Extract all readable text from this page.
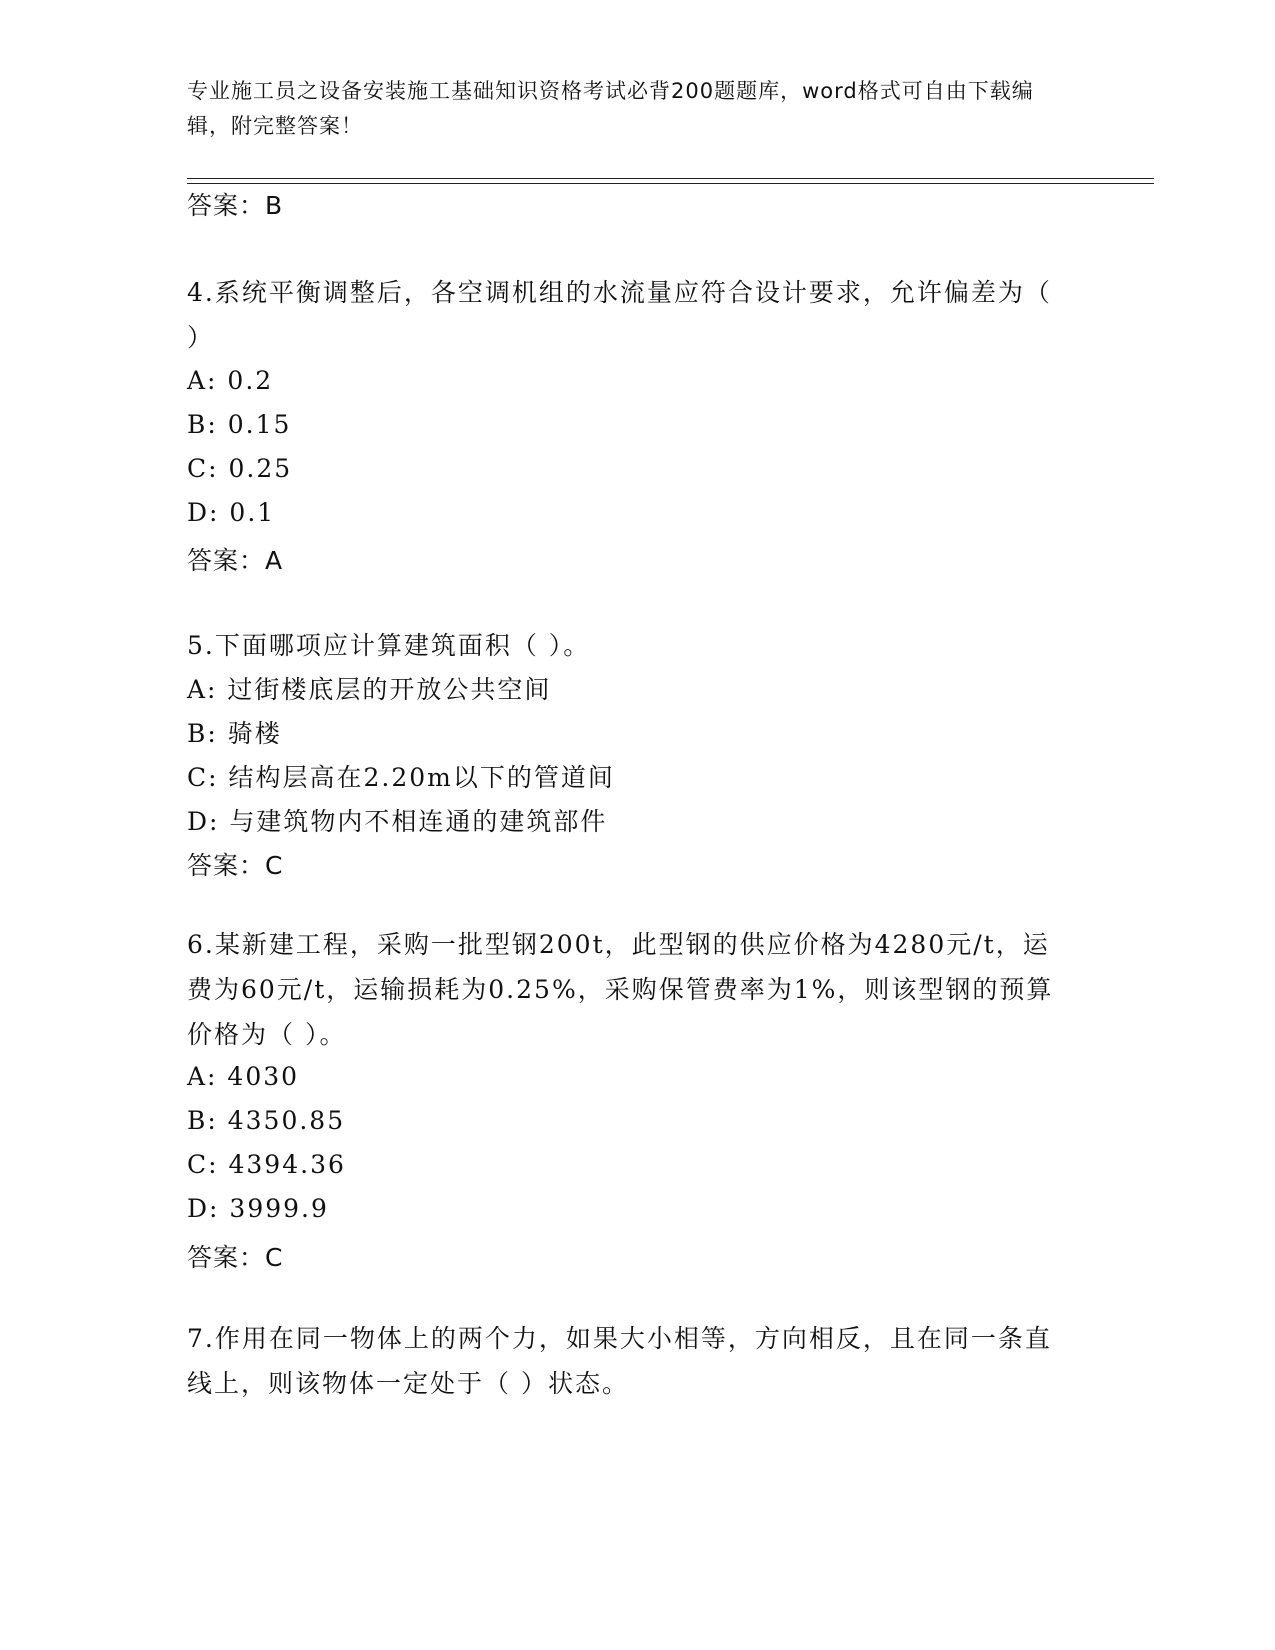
专业施工员之设备安装施工基础知识资格考试必背200题题库，word格式可自由下载编辑，附完整答案！
答案：B
4.系统平衡调整后，各空调机组的水流量应符合设计要求，允许偏差为（ ）
A: 0.2
B: 0.15
C: 0.25
D: 0.1
答案：A
5.下面哪项应计算建筑面积（ ）。
A: 过街楼底层的开放公共空间
B: 骑楼
C: 结构层高在2.20m以下的管道间
D: 与建筑物内不相连通的建筑部件
答案：C
6.某新建工程，采购一批型钢200t，此型钢的供应价格为4280元/t，运费为60元/t，运输损耗为0.25%，采购保管费率为1%，则该型钢的预算价格为（ ）。
A: 4030
B: 4350.85
C: 4394.36
D: 3999.9
答案：C
7.作用在同一物体上的两个力，如果大小相等，方向相反，且在同一条直线上，则该物体一定处于（ ）状态。
